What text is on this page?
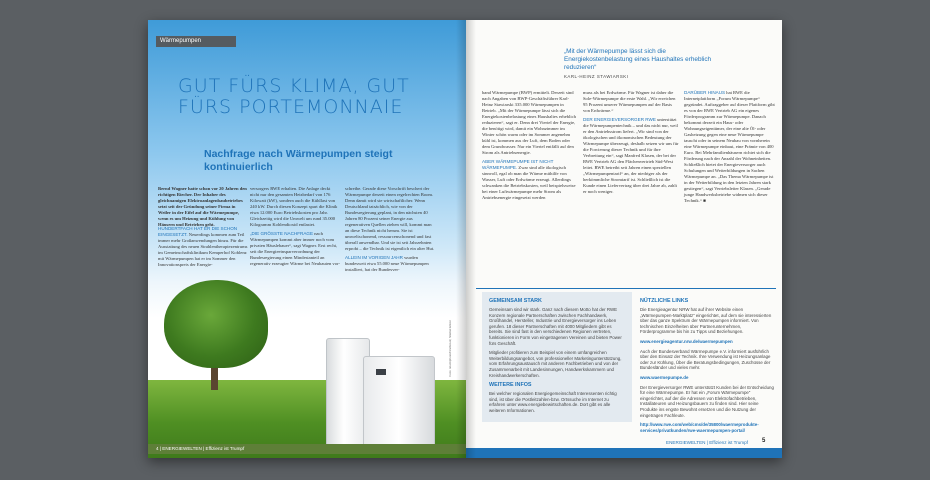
Wärmepumpen
GUT FÜRS KLIMA, GUT FÜRS PORTEMONNAIE
Nachfrage nach Wärmepumpen steigt kontinuierlich

Bernd Wagner hatte schon vor 20 Jahren den richtigen Riecher. Der Inhaber des gleichnamigen Elektroanlagenbaubetriebes setzt seit der Gründung seiner Firma in Weiler in der Eifel auf die Wärmepumpe, wenn es um Heizung und Kühlung von Häusern und Betrieben geht.

HUNDERTFACH HAT ER DIE SCHON EINGESETZT. Neuerdings kommen zum Teil immer mehr Großanwendungen hinzu. Für die Ausstattung des neuen Strahlentherapiezentrums im Gemeinschaftsklinikum Kemperhof Koblenz mit Wärmepumpen hat er im Sommer den Innovationspreis der Energie-

versorgers RWE erhalten. Die Anlage deckt nicht nur den gesamten Heizbedarf von 176 Kilowatt (kW), sondern auch die Kühllast von 240 kW. Durch diesen Konzept spart die Klinik etwa 12.000 Euro Betriebskosten pro Jahr. Gleichzeitig wird die Umwelt um rund 35.000 Kilogramm Kohlendioxid entlastet.

„DIE GRÖSSTE NACHFRAGE nach Wärmepumpen kommt aber immer noch vom privaten Häuslebauer“, sagt Wagner. Erst recht, seit die Energieeinsparverordnung der Bundesregierung einen Mindestanteil an regenerativ erzeugter Wärme bei Neubauten vor-

schreibe. Gerade diese Vorschrift beschert der Wärmepumpe derzeit einen regelrechten Boom. Denn damit wird sie wirtschaftlicher. Wenn Deutschland tatsächlich, wie von der Bundesregierung geplant, in den nächsten 40 Jahren 80 Prozent seiner Energie aus regenerativen Quellen ziehen will, kommt man an diese Technik nicht herum. Sie ist umweltschonend, ressourcenschonend und fast überall anwendbar. Und sie ist seit Jahrzehnten erprobt – die Technik ist eigentlich ein alter Hut.

ALLEIN IM VORIGEN JAHR wurden bundesweit etwa 55.000 neue Wärmepumpen installiert, hat der Bundesver-

Foto: istockphoto/Firstbrook; Stiebel Eltron
4 | ENERGIEWELTEN | Effizienz ist Trumpf

„Mit der Wärmepumpe lässt sich die Energiekostenbelastung eines Haushaltes erheblich reduzieren“

KARL-HEINZ STAWIARSKI

band Wärmepumpe (BWP) ermittelt. Derzeit sind nach Angaben von BWP-Geschäftsführer Karl-Heinz Stawiarski 335.000 Wärmepumpen in Betrieb. „Mit der Wärmepumpe lässt sich die Energiekostenbelastung eines Haushaltes erheblich reduzieren“, sagt er. Denn drei Viertel der Energie, die benötigt wird, damit ein Wohnzimmer im Winter schön warm oder im Sommer angenehm kühl ist, kommen aus der Luft, dem Boden oder dem Grundwasser. Nur ein Viertel entfällt auf den Strom als Antriebsenergie.

ABER WÄRMEPUMPE IST NICHT WÄRMEPUMPE. Zwar sind alle ökologisch sinnvoll, egal ob man die Wärme mithilfe von Wasser, Luft oder Erdwärme erzeugt. Allerdings schwanken die Betriebskosten, weil beispielsweise bei einer Luftwärmepumpe mehr Strom als Antriebsenergie eingesetzt werden

muss als bei Erdwärme. Für Wagner ist daher die Sole-Wärmepumpe die erste Wahl. „Wir erreichen 95 Prozent unserer Wärmepumpen auf der Basis von Erdwärme.“

DER ENERGIEVERSORGER RWE unterstützt die Wärmepumpentechnik – und das nicht nur, weil er den Antriebsstrom liefert. „Wir sind von der ökologischen und ökonomischen Bedeutung der Wärmepumpe überzeugt, deshalb setzen wir uns für die Forcierung dieser Technik und für ihre Verbreitung ein“, sagt Manfred Klasen, der bei der RWE Vertrieb AG den Flächenvertrieb Süd-West leitet. RWE betreibt seit Jahren einen speziellen „Wärmepumpentarif“ an, der niedriger als der herkömmliche Stromtarif ist. Schließlich ist die Kunde einen Liefervertrag über drei Jahre ab, zahlt er noch weniger.

DARÜBER HINAUS hat RWE die Internetplattform „Forum Wärmepumpe“ gegründet. Auftraggeber auf dieser Plattform gibt es von der RWE Vertrieb AG ein eigenes Förderprogramm zur Wärmepumpe. Danach bekommt derzeit ein Haus- oder Wohnungseigentümer, der eine alte Öl- oder Gasheizung gegen eine neue Wärmepumpe tauscht oder in seinem Neubau von vornherein eine Wärmepumpe einbaut, eine Prämie von 400 Euro. Bei Mehrfamilienhäusern richtet sich die Förderung nach der Anzahl der Wohneinheiten. Schließlich bietet der Energieversorger auch Schulungen und Weiterbildungen in Sachen Wärmepumpe an. „Das Thema Wärmepumpe ist in der Weiterbildung in den letzten Jahren stark gestiegen“, sagt Verriebsleiter Klasen. „Gerade junge Handwerksbetriebe widmen sich dieser Technik.“ ■

GEMEINSAM STARK

Gemeinsam sind wir stark. Ganz nach diesem Motto hat der RWE Konzern regionale Partnerschaften zwischen Fachhandwerk, Großhandel, Hersteller, Industrie und Energieversorger ins Leben gerufen. 18 dieser Partnerschaften mit 4000 Mitgliedern gibt es bereits. Sie sind fast in den verschiedenen Regionen vertreten, funktionieren in Form von eingetragenen Vereinen und bieten Power fürs Geschäft.

Mitglieder profitieren zum Beispiel von einem umfangreichen Weiterbildungsangebot, von professioneller Marketingunterstützung, vom Erfahrungsaustausch mit anderen Fachbetrieben und von der Zusammenarbeit mit Landesinnungen, Handwerkskammern und Kreishandwerkerschaften.

WEITERE INFOS

Bei welcher regionalen Energiegemeinschaft Interessenten richtig sind, ist über die Postleitzahlen-bzw. Ortssuche im Internet zu erfahren unter www.energiebewirtschaften.de. Dort gibt es alle weiteren Informationen.

NÜTZLICHE LINKS

Die Energieagentur NRW hat auf ihrer Website einen „Wärmepumpen-Marktplatz“ eingerichtet, auf dem sie interessierten über das ganze Spektrum der Wärmepumpen informiert. Von technischen Einzelheiten über Partnerunternehmen, Förderprogramme bis hin zu Tipps und Beziehungen.

www.energieagentur.nrw.de/waermepumpen

Auch der Bundesverband Wärmepumpe e.V. informiert ausführlich über den Einsatz der Technik. Ihre Verwendung ist Heizungsanlage oder zur Kühlung, Über die Beratungsbedingungen, Zuschüsse der Bundesländer und vieles mehr.

www.waermepumpe.de

Der Energieversorger RWE unterstützt Kunden bei der Entscheidung für eine Wärmepumpe. Er hat ein „Forum Wärmepumpe“ eingerichtet, auf der die Adressen von Elektrofachbetrieben, Installateuren und Heizungsbauern zu finden sind. Hier seine Produkte ins engste Bewohnt ersetzen und die Nutzung der eingetragen Fachleute.

http://www.rwe.com/web/cms/de/35800/waermeprodukte-services/privatkunden/rwe-waermepumpen-portal/

ENERGIEWELTEN | Effizienz ist Trumpf 5
